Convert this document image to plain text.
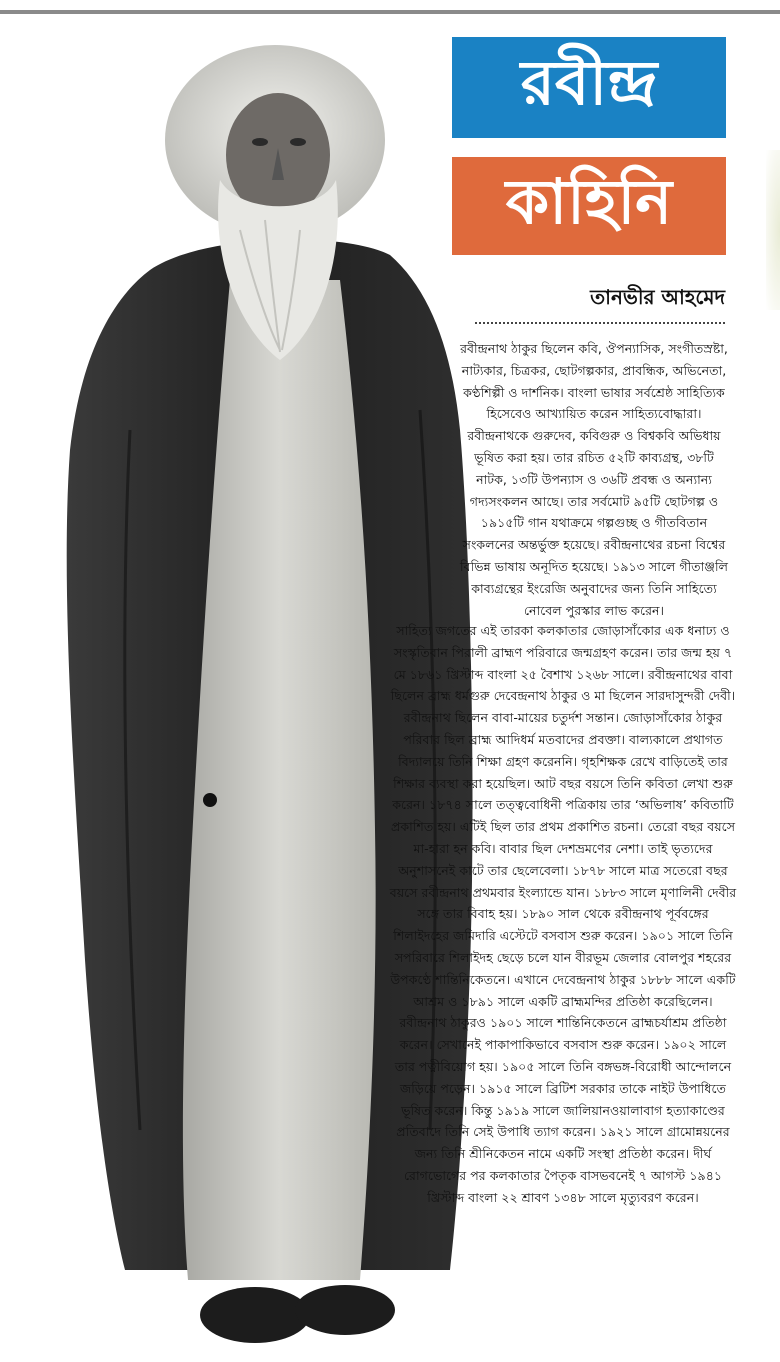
রবীন্দ্র
কাহিনি
তানভীর আহমেদ

রবীন্দ্রনাথ ঠাকুর ছিলেন কবি, ঔপন্যাসিক, সংগীতস্রষ্টা, নাট্যকার, চিত্রকর, ছোটগল্পকার, প্রাবন্ধিক, অভিনেতা, কণ্ঠশিল্পী ও দার্শনিক। বাংলা ভাষার সর্বশ্রেষ্ঠ সাহিত্যিক হিসেবেও আখ্যায়িত করেন সাহিত্যবোদ্ধারা। রবীন্দ্রনাথকে গুরুদেব, কবিগুরু ও বিশ্বকবি অভিধায় ভূষিত করা হয়। তার রচিত ৫২টি কাব্যগ্রন্থ, ৩৮টি নাটক, ১৩টি উপন্যাস ও ৩৬টি প্রবন্ধ ও অন্যান্য গদ্যসংকলন আছে। তার সর্বমোট ৯৫টি ছোটগল্প ও ১৯১৫টি গান যথাক্রমে গল্পগুচ্ছ ও গীতবিতান সংকলনের অন্তর্ভুক্ত হয়েছে। রবীন্দ্রনাথের রচনা বিশ্বের বিভিন্ন ভাষায় অনূদিত হয়েছে। ১৯১৩ সালে গীতাঞ্জলি কাব্যগ্রন্থের ইংরেজি অনুবাদের জন্য তিনি সাহিত্যে নোবেল পুরস্কার লাভ করেন।

সাহিত্য জগতের এই তারকা কলকাতার জোড়াসাঁকোর এক ধনাঢ্য ও সংস্কৃতিবান পিরালী ব্রাহ্মণ পরিবারে জন্মগ্রহণ করেন। তার জন্ম হয় ৭ মে ১৮৬১ খ্রিস্টাব্দ বাংলা ২৫ বৈশাখ ১২৬৮ সালে। রবীন্দ্রনাথের বাবা ছিলেন ব্রাহ্ম ধর্মগুরু দেবেন্দ্রনাথ ঠাকুর ও মা ছিলেন সারদাসুন্দরী দেবী। রবীন্দ্রনাথ ছিলেন বাবা-মায়ের চতুর্দশ সন্তান। জোড়াসাঁকোর ঠাকুর পরিবার ছিল ব্রাহ্ম আদিধর্ম মতবাদের প্রবক্তা। বাল্যকালে প্রথাগত বিদ্যালয়ে তিনি শিক্ষা গ্রহণ করেননি। গৃহশিক্ষক রেখে বাড়িতেই তার শিক্ষার ব্যবস্থা করা হয়েছিল। আট বছর বয়সে তিনি কবিতা লেখা শুরু করেন। ১৮৭৪ সালে তত্ত্ববোধিনী পত্রিকায় তার ‘অভিলাষ’ কবিতাটি প্রকাশিত হয়। এটিই ছিল তার প্রথম প্রকাশিত রচনা। তেরো বছর বয়সে মা-হারা হন কবি। বাবার ছিল দেশভ্রমণের নেশা। তাই ভৃত্যদের অনুশাসনেই কাটে তার ছেলেবেলা। ১৮৭৮ সালে মাত্র সতেরো বছর বয়সে রবীন্দ্রনাথ প্রথমবার ইংল্যান্ডে যান। ১৮৮৩ সালে মৃণালিনী দেবীর সঙ্গে তার বিবাহ হয়। ১৮৯০ সাল থেকে রবীন্দ্রনাথ পূর্ববঙ্গের শিলাইদহের জমিদারি এস্টেটে বসবাস শুরু করেন। ১৯০১ সালে তিনি সপরিবারে শিলাইদহ ছেড়ে চলে যান বীরভূম জেলার বোলপুর শহরের উপকণ্ঠে শান্তিনিকেতনে। এখানে দেবেন্দ্রনাথ ঠাকুর ১৮৮৮ সালে একটি আশ্রম ও ১৮৯১ সালে একটি ব্রাহ্মমন্দির প্রতিষ্ঠা করেছিলেন। রবীন্দ্রনাথ ঠাকুরও ১৯০১ সালে শান্তিনিকেতনে ব্রাহ্মচর্যাশ্রম প্রতিষ্ঠা করেন। সেখানেই পাকাপাকিভাবে বসবাস শুরু করেন। ১৯০২ সালে তার পত্নীবিয়োগ হয়। ১৯০৫ সালে তিনি বঙ্গভঙ্গ-বিরোধী আন্দোলনে জড়িয়ে পড়েন। ১৯১৫ সালে ব্রিটিশ সরকার তাকে নাইট উপাধিতে ভূষিত করেন। কিন্তু ১৯১৯ সালে জালিয়ানওয়ালাবাগ হত্যাকাণ্ডের প্রতিবাদে তিনি সেই উপাধি ত্যাগ করেন। ১৯২১ সালে গ্রামোন্নয়নের জন্য তিনি শ্রীনিকেতন নামে একটি সংস্থা প্রতিষ্ঠা করেন। দীর্ঘ রোগভোগের পর কলকাতার পৈতৃক বাসভবনেই ৭ আগস্ট ১৯৪১ খ্রিস্টাব্দ বাংলা ২২ শ্রাবণ ১৩৪৮ সালে মৃত্যুবরণ করেন।
